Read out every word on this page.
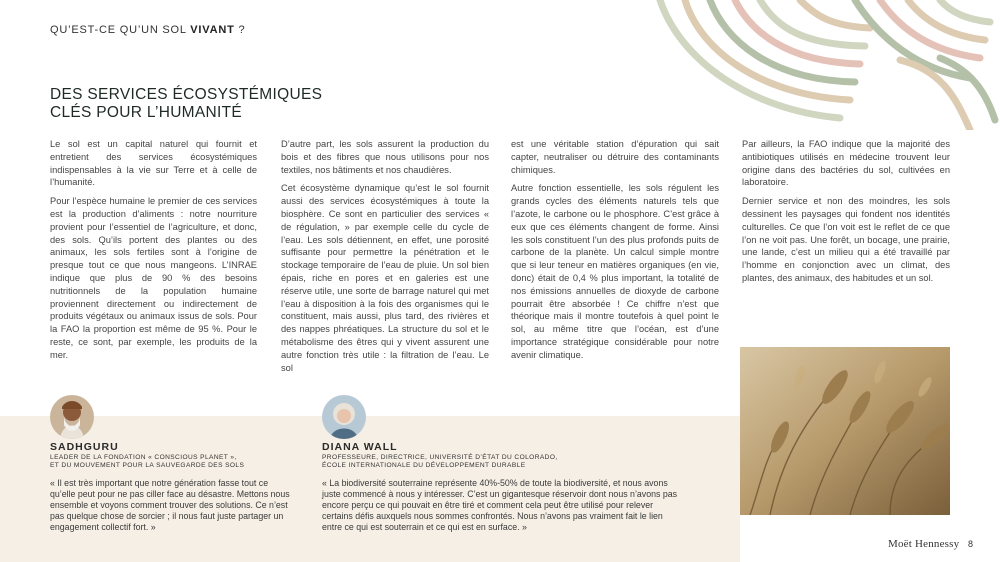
QU’EST-CE QU’UN SOL VIVANT ?
DES SERVICES ÉCOSYSTÉMIQUES
CLÉS POUR L’HUMANITÉ

Le sol est un capital naturel qui fournit et entretient des services écosystémiques indispensables à la vie sur Terre et à celle de l’humanité.

Pour l’espèce humaine le premier de ces services est la production d’aliments : notre nourriture provient pour l’essentiel de l’agriculture, et donc, des sols. Qu’ils portent des plantes ou des animaux, les sols fertiles sont à l’origine de presque tout ce que nous mangeons. L’INRAE indique que plus de 90 % des besoins nutritionnels de la population humaine proviennent directement ou indirectement de produits végétaux ou animaux issus de sols. Pour la FAO la proportion est même de 95 %. Pour le reste, ce sont, par exemple, les produits de la mer.

D’autre part, les sols assurent la production du bois et des fibres que nous utilisons pour nos textiles, nos bâtiments et nos chaudières.

Cet écosystème dynamique qu’est le sol fournit aussi des services écosystémiques à toute la biosphère. Ce sont en particulier des services « de régulation, » par exemple celle du cycle de l’eau. Les sols détiennent, en effet, une porosité suffisante pour permettre la pénétration et le stockage temporaire de l’eau de pluie. Un sol bien épais, riche en pores et en galeries est une réserve utile, une sorte de barrage naturel qui met l’eau à disposition à la fois des organismes qui le constituent, mais aussi, plus tard, des rivières et des nappes phréatiques. La structure du sol et le métabolisme des êtres qui y vivent assurent une autre fonction très utile : la filtration de l’eau. Le sol

est une véritable station d’épuration qui sait capter, neutraliser ou détruire des contaminants chimiques.

Autre fonction essentielle, les sols régulent les grands cycles des éléments naturels tels que l’azote, le carbone ou le phosphore. C’est grâce à eux que ces éléments changent de forme. Ainsi les sols constituent l’un des plus profonds puits de carbone de la planète. Un calcul simple montre que si leur teneur en matières organiques (en vie, donc) était de 0,4 % plus important, la totalité de nos émissions annuelles de dioxyde de carbone pourrait être absorbée ! Ce chiffre n’est que théorique mais il montre toutefois à quel point le sol, au même titre que l’océan, est d’une importance stratégique considérable pour notre avenir climatique.

Par ailleurs, la FAO indique que la majorité des antibiotiques utilisés en médecine trouvent leur origine dans des bactéries du sol, cultivées en laboratoire.

Dernier service et non des moindres, les sols dessinent les paysages qui fondent nos identités culturelles. Ce que l’on voit est le reflet de ce que l’on ne voit pas. Une forêt, un bocage, une prairie, une lande, c’est un milieu qui a été travaillé par l’homme en conjonction avec un climat, des plantes, des animaux, des habitudes et un sol.

SADHGURU
LEADER DE LA FONDATION « CONSCIOUS PLANET »,
ET DU MOUVEMENT POUR LA SAUVEGARDE DES SOLS
« Il est très important que notre génération fasse tout ce qu’elle peut pour ne pas ciller face au désastre. Mettons nous ensemble et voyons comment trouver des solutions. Ce n’est pas quelque chose de sorcier ; il nous faut juste partager un engagement collectif fort. »
DIANA WALL
PROFESSEURE, DIRECTRICE, UNIVERSITÉ D’ÉTAT DU COLORADO,
ÉCOLE INTERNATIONALE DU DÉVELOPPEMENT DURABLE
« La biodiversité souterraine représente 40%-50% de toute la biodiversité, et nous avons juste commencé à nous y intéresser. C’est un gigantesque réservoir dont nous n’avons pas encore perçu ce qui pouvait en être tiré et comment cela peut être utilisé pour relever certains défis auxquels nous sommes confrontés. Nous n’avons pas vraiment fait le lien entre ce qui est souterrain et ce qui est en surface. »
Moët Hennessy 8
